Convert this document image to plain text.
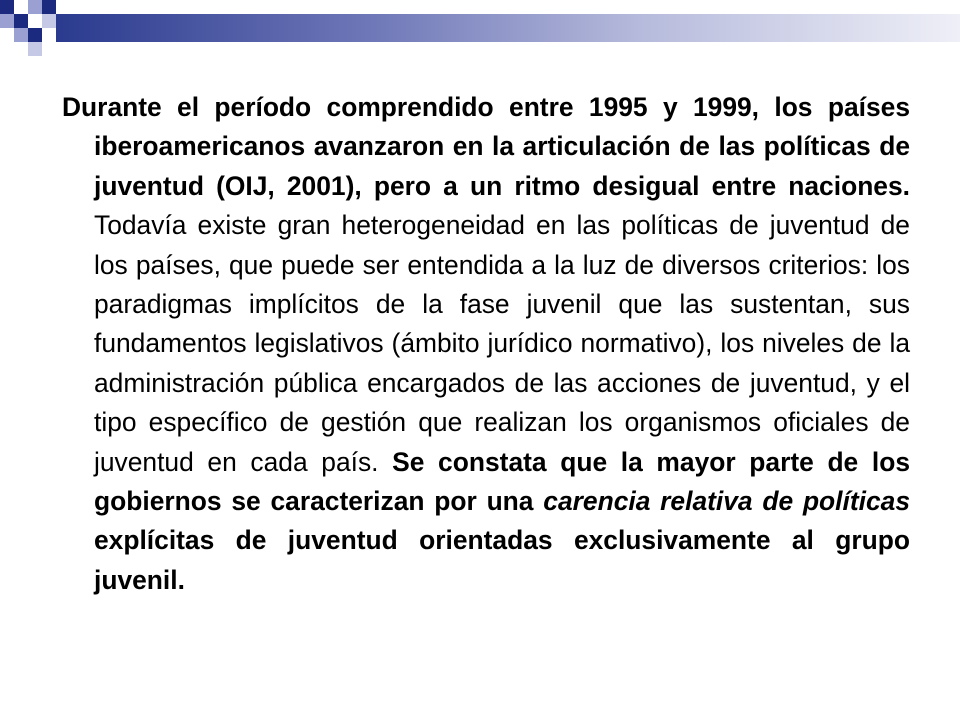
Durante el período comprendido entre 1995 y 1999, los países iberoamericanos avanzaron en la articulación de las políticas de juventud (OIJ, 2001), pero a un ritmo desigual entre naciones. Todavía existe gran heterogeneidad en las políticas de juventud de los países, que puede ser entendida a la luz de diversos criterios: los paradigmas implícitos de la fase juvenil que las sustentan, sus fundamentos legislativos (ámbito jurídico normativo), los niveles de la administración pública encargados de las acciones de juventud, y el tipo específico de gestión que realizan los organismos oficiales de juventud en cada país. Se constata que la mayor parte de los gobiernos se caracterizan por una carencia relativa de políticas explícitas de juventud orientadas exclusivamente al grupo juvenil.
